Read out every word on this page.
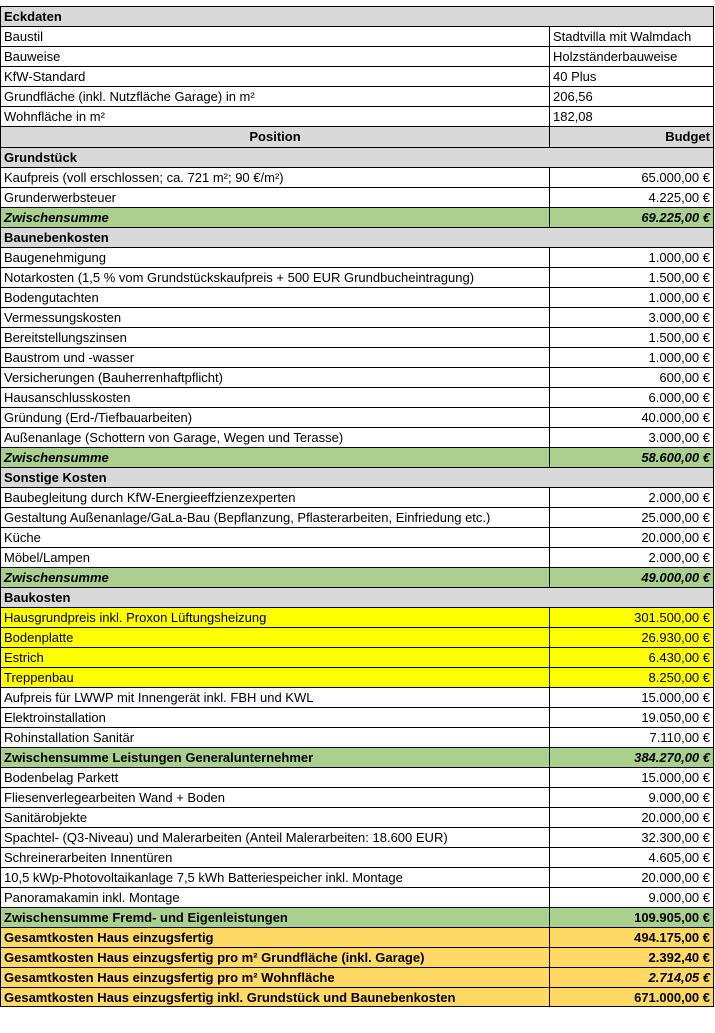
Eckdaten
Baustil	Stadtvilla mit Walmdach
Bauweise	Holzständerbauweise
KfW-Standard	40 Plus
Grundfläche (inkl. Nutzfläche Garage) in m²	206,56
Wohnfläche in m²	182,08
Position	Budget
Grundstück
Kaufpreis (voll erschlossen; ca. 721 m²; 90 €/m²)	65.000,00 €
Grunderwerbsteuer	4.225,00 €
Zwischensumme	69.225,00 €
Baunebenkosten
Baugenehmigung	1.000,00 €
Notarkosten (1,5 % vom Grundstückskaufpreis + 500 EUR Grundbucheintragung)	1.500,00 €
Bodengutachten	1.000,00 €
Vermessungskosten	3.000,00 €
Bereitstellungszinsen	1.500,00 €
Baustrom und -wasser	1.000,00 €
Versicherungen (Bauherrenhaftpflicht)	600,00 €
Hausanschlusskosten	6.000,00 €
Gründung (Erd-/Tiefbauarbeiten)	40.000,00 €
Außenanlage (Schottern von Garage, Wegen und Terasse)	3.000,00 €
Zwischensumme	58.600,00 €
Sonstige Kosten
Baubegleitung durch KfW-Energieeffzienzexperten	2.000,00 €
Gestaltung Außenanlage/GaLa-Bau (Bepflanzung, Pflasterarbeiten, Einfriedung etc.)	25.000,00 €
Küche	20.000,00 €
Möbel/Lampen	2.000,00 €
Zwischensumme	49.000,00 €
Baukosten
Hausgrundpreis inkl. Proxon Lüftungsheizung	301.500,00 €
Bodenplatte	26.930,00 €
Estrich	6.430,00 €
Treppenbau	8.250,00 €
Aufpreis für LWWP mit Innengerät inkl. FBH und KWL	15.000,00 €
Elektroinstallation	19.050,00 €
Rohinstallation Sanitär	7.110,00 €
Zwischensumme Leistungen Generalunternehmer	384.270,00 €
Bodenbelag Parkett	15.000,00 €
Fliesenverlegearbeiten Wand + Boden	9.000,00 €
Sanitärobjekte	20.000,00 €
Spachtel- (Q3-Niveau) und Malerarbeiten (Anteil Malerarbeiten: 18.600 EUR)	32.300,00 €
Schreinerarbeiten Innentüren	4.605,00 €
10,5 kWp-Photovoltaikanlage 7,5 kWh Batteriespeicher inkl. Montage	20.000,00 €
Panoramakamin inkl. Montage	9.000,00 €
Zwischensumme Fremd- und Eigenleistungen	109.905,00 €
Gesamtkosten Haus einzugsfertig	494.175,00 €
Gesamtkosten Haus einzugsfertig pro m² Grundfläche (inkl. Garage)	2.392,40 €
Gesamtkosten Haus einzugsfertig pro m² Wohnfläche	2.714,05 €
Gesamtkosten Haus einzugsfertig inkl. Grundstück und Baunebenkosten	671.000,00 €
